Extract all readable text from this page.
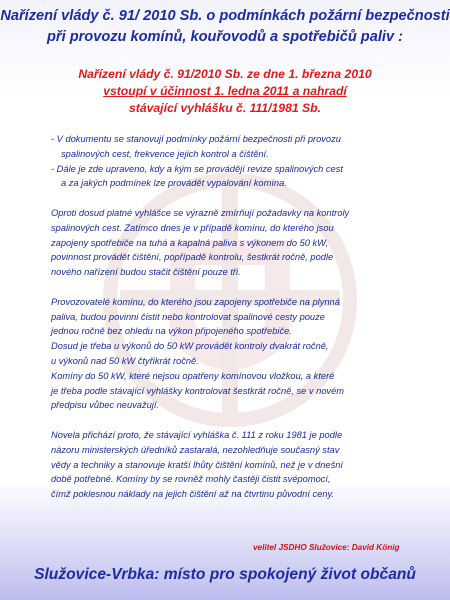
Nařízení vlády č. 91/ 2010 Sb. o podmínkách požární bezpečnosti
při provozu komínů, kouřovodů a spotřebičů paliv :
Nařízení vlády č. 91/2010 Sb. ze dne 1. března 2010
vstoupí v účinnost 1. ledna 2011 a nahradí
stávající vyhlášku č. 111/1981 Sb.

- V dokumentu se stanovují podmínky požární bezpečnosti při provozu

spalinových cest, frekvence jejich kontrol a čištění.

- Dále je zde upraveno, kdy a kým se provádějí revize spalinových cest

a za jakých podmínek lze provádět vypalování komína.

Oproti dosud platné vyhlášce se výrazně zmírňují požadavky na kontroly

spalinových cest. Zatímco dnes je v případě komínu, do kterého jsou

zapojeny spotřebiče na tuhá a kapalná paliva s výkonem do 50 kW,

povinnost provádět čištění, popřípadě kontrolu, šestkrát ročně, podle

nového nařízení budou stačit čištění pouze tři.

Provozovatelé komínu, do kterého jsou zapojeny spotřebiče na plynná

paliva, budou povinni čistit nebo kontrolovat spalinové cesty pouze

jednou ročně bez ohledu na výkon připojeného spotřebiče.

Dosud je třeba u výkonů do 50 kW provádět kontroly dvakrát ročně,

u výkonů nad 50 kW čtyřikrát ročně.

Komíny do 50 kW, které nejsou opatřeny komínovou vložkou, a které

je třeba podle stávající vyhlášky kontrolovat šestkrát ročně, se v novém

předpisu vůbec neuvažují.

Novela přichází proto, že stávající vyhláška č. 111 z roku 1981 je podle

názoru ministerských úředníků zastaralá, nezohledňuje současný stav

vědy a techniky a stanovuje kratší lhůty čištění komínů, než je v dnešní

době potřebné. Komíny by se rovněž mohly častěji čistit svépomocí,

čímž poklesnou náklady na jejich čištění až na čtvrtinu původní ceny.

velitel JSDHO Služovice: David König
Služovice-Vrbka: místo pro spokojený život občanů
